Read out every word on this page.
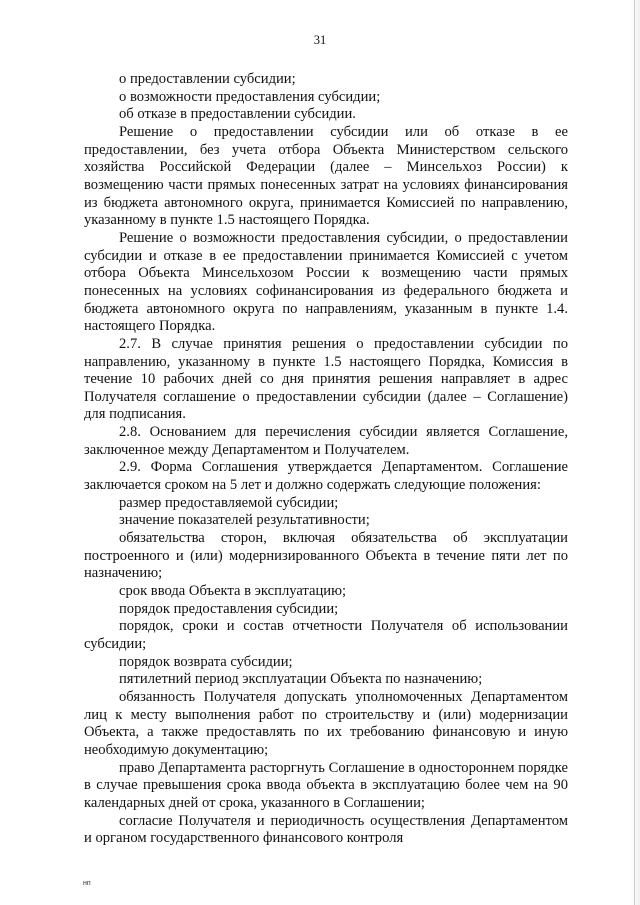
31

о предоставлении субсидии;

о возможности предоставления субсидии;

об отказе в предоставлении субсидии.

Решение о предоставлении субсидии или об отказе в ее предоставлении, без учета отбора Объекта Министерством сельского хозяйства Российской Федерации (далее – Минсельхоз России) к возмещению части прямых понесенных затрат на условиях финансирования из бюджета автономного округа, принимается Комиссией по направлению, указанному в пункте 1.5 настоящего Порядка.

Решение о возможности предоставления субсидии, о предоставлении субсидии и отказе в ее предоставлении принимается Комиссией с учетом отбора Объекта Минсельхозом России к возмещению части прямых понесенных на условиях софинансирования из федерального бюджета и бюджета автономного округа по направлениям, указанным в пункте 1.4. настоящего Порядка.

2.7. В случае принятия решения о предоставлении субсидии по направлению, указанному в пункте 1.5 настоящего Порядка, Комиссия в течение 10 рабочих дней со дня принятия решения направляет в адрес Получателя соглашение о предоставлении субсидии (далее – Соглашение) для подписания.

2.8. Основанием для перечисления субсидии является Соглашение, заключенное между Департаментом и Получателем.

2.9. Форма Соглашения утверждается Департаментом. Соглашение заключается сроком на 5 лет и должно содержать следующие положения:

размер предоставляемой субсидии;

значение показателей результативности;

обязательства сторон, включая обязательства об эксплуатации построенного и (или) модернизированного Объекта в течение пяти лет по назначению;

срок ввода Объекта в эксплуатацию;

порядок предоставления субсидии;

порядок, сроки и состав отчетности Получателя об использовании субсидии;

порядок возврата субсидии;

пятилетний период эксплуатации Объекта по назначению;

обязанность Получателя допускать уполномоченных Департаментом лиц к месту выполнения работ по строительству и (или) модернизации Объекта, а также предоставлять по их требованию финансовую и иную необходимую документацию;

право Департамента расторгнуть Соглашение в одностороннем порядке в случае превышения срока ввода объекта в эксплуатацию более чем на 90 календарных дней от срока, указанного в Соглашении;

согласие Получателя и периодичность осуществления Департаментом и органом государственного финансового контроля

нп
